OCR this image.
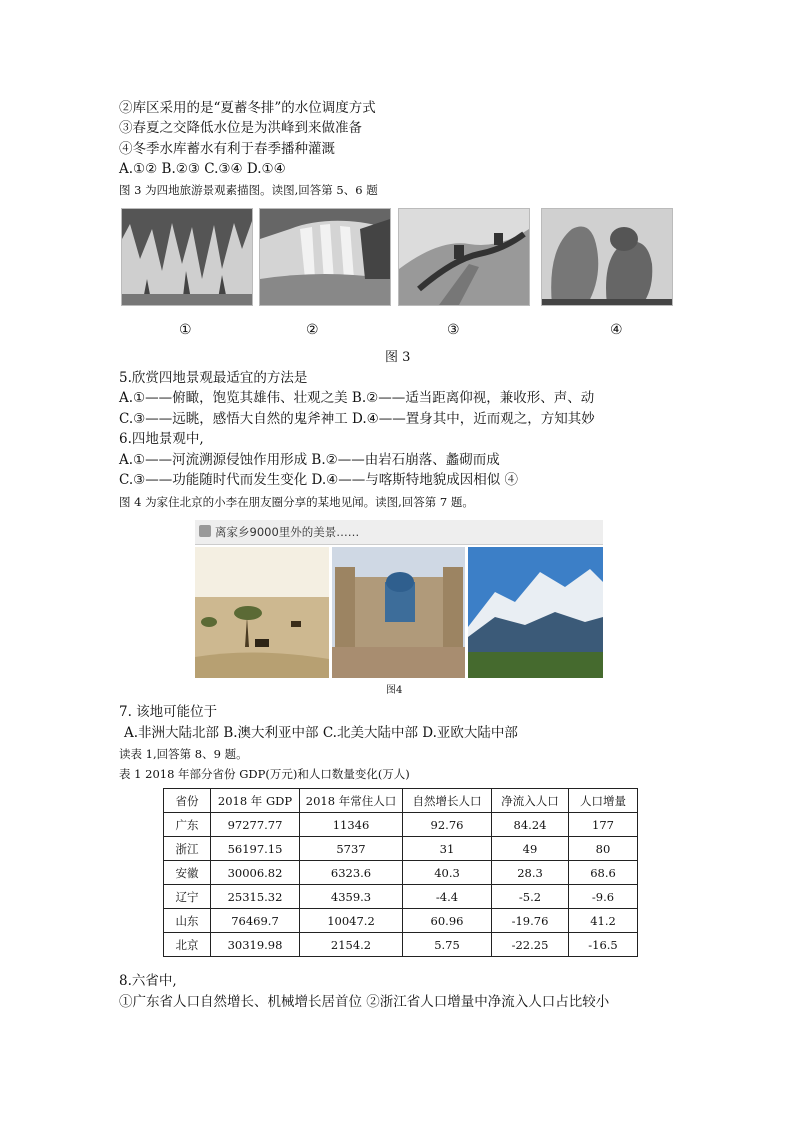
②库区采用的是“夏蓄冬排”的水位调度方式
③春夏之交降低水位是为洪峰到来做准备
④冬季水库蓄水有利于春季播种灌溉
A.①② B.②③ C.③④ D.①④
图 3 为四地旅游景观素描图。读图,回答第 5、6 题
①	②	③	④
图 3
5.欣赏四地景观最适宜的方法是
A.①——俯瞰，饱览其雄伟、壮观之美 B.②——适当距离仰视，兼收形、声、动
C.③——远眺，感悟大自然的鬼斧神工 D.④——置身其中，近而观之，方知其妙
6.四地景观中,
A.①——河流溯源侵蚀作用形成 B.②——由岩石崩落、蠡砌而成
C.③——功能随时代而发生变化 D.④——与喀斯特地貌成因相似 ④
图 4 为家住北京的小李在朋友圈分享的某地见闻。读图,回答第 7 题。
离家乡9000里外的美景……
图4
7. 该地可能位于
A.非洲大陆北部 B.澳大利亚中部 C.北美大陆中部 D.亚欧大陆中部
读表 1,回答第 8、9 题。
表 1 2018 年部分省份 GDP(万元)和人口数量变化(万人)
省份	2018 年 GDP	2018 年常住人口	自然增长人口	净流入人口	人口增量
广东	97277.77	11346	92.76	84.24	177
浙江	56197.15	5737	31	49	80
安徽	30006.82	6323.6	40.3	28.3	68.6
辽宁	25315.32	4359.3	-4.4	-5.2	-9.6
山东	76469.7	10047.2	60.96	-19.76	41.2
北京	30319.98	2154.2	5.75	-22.25	-16.5
8.六省中,
①广东省人口自然增长、机械增长居首位 ②浙江省人口增量中净流入人口占比较小
